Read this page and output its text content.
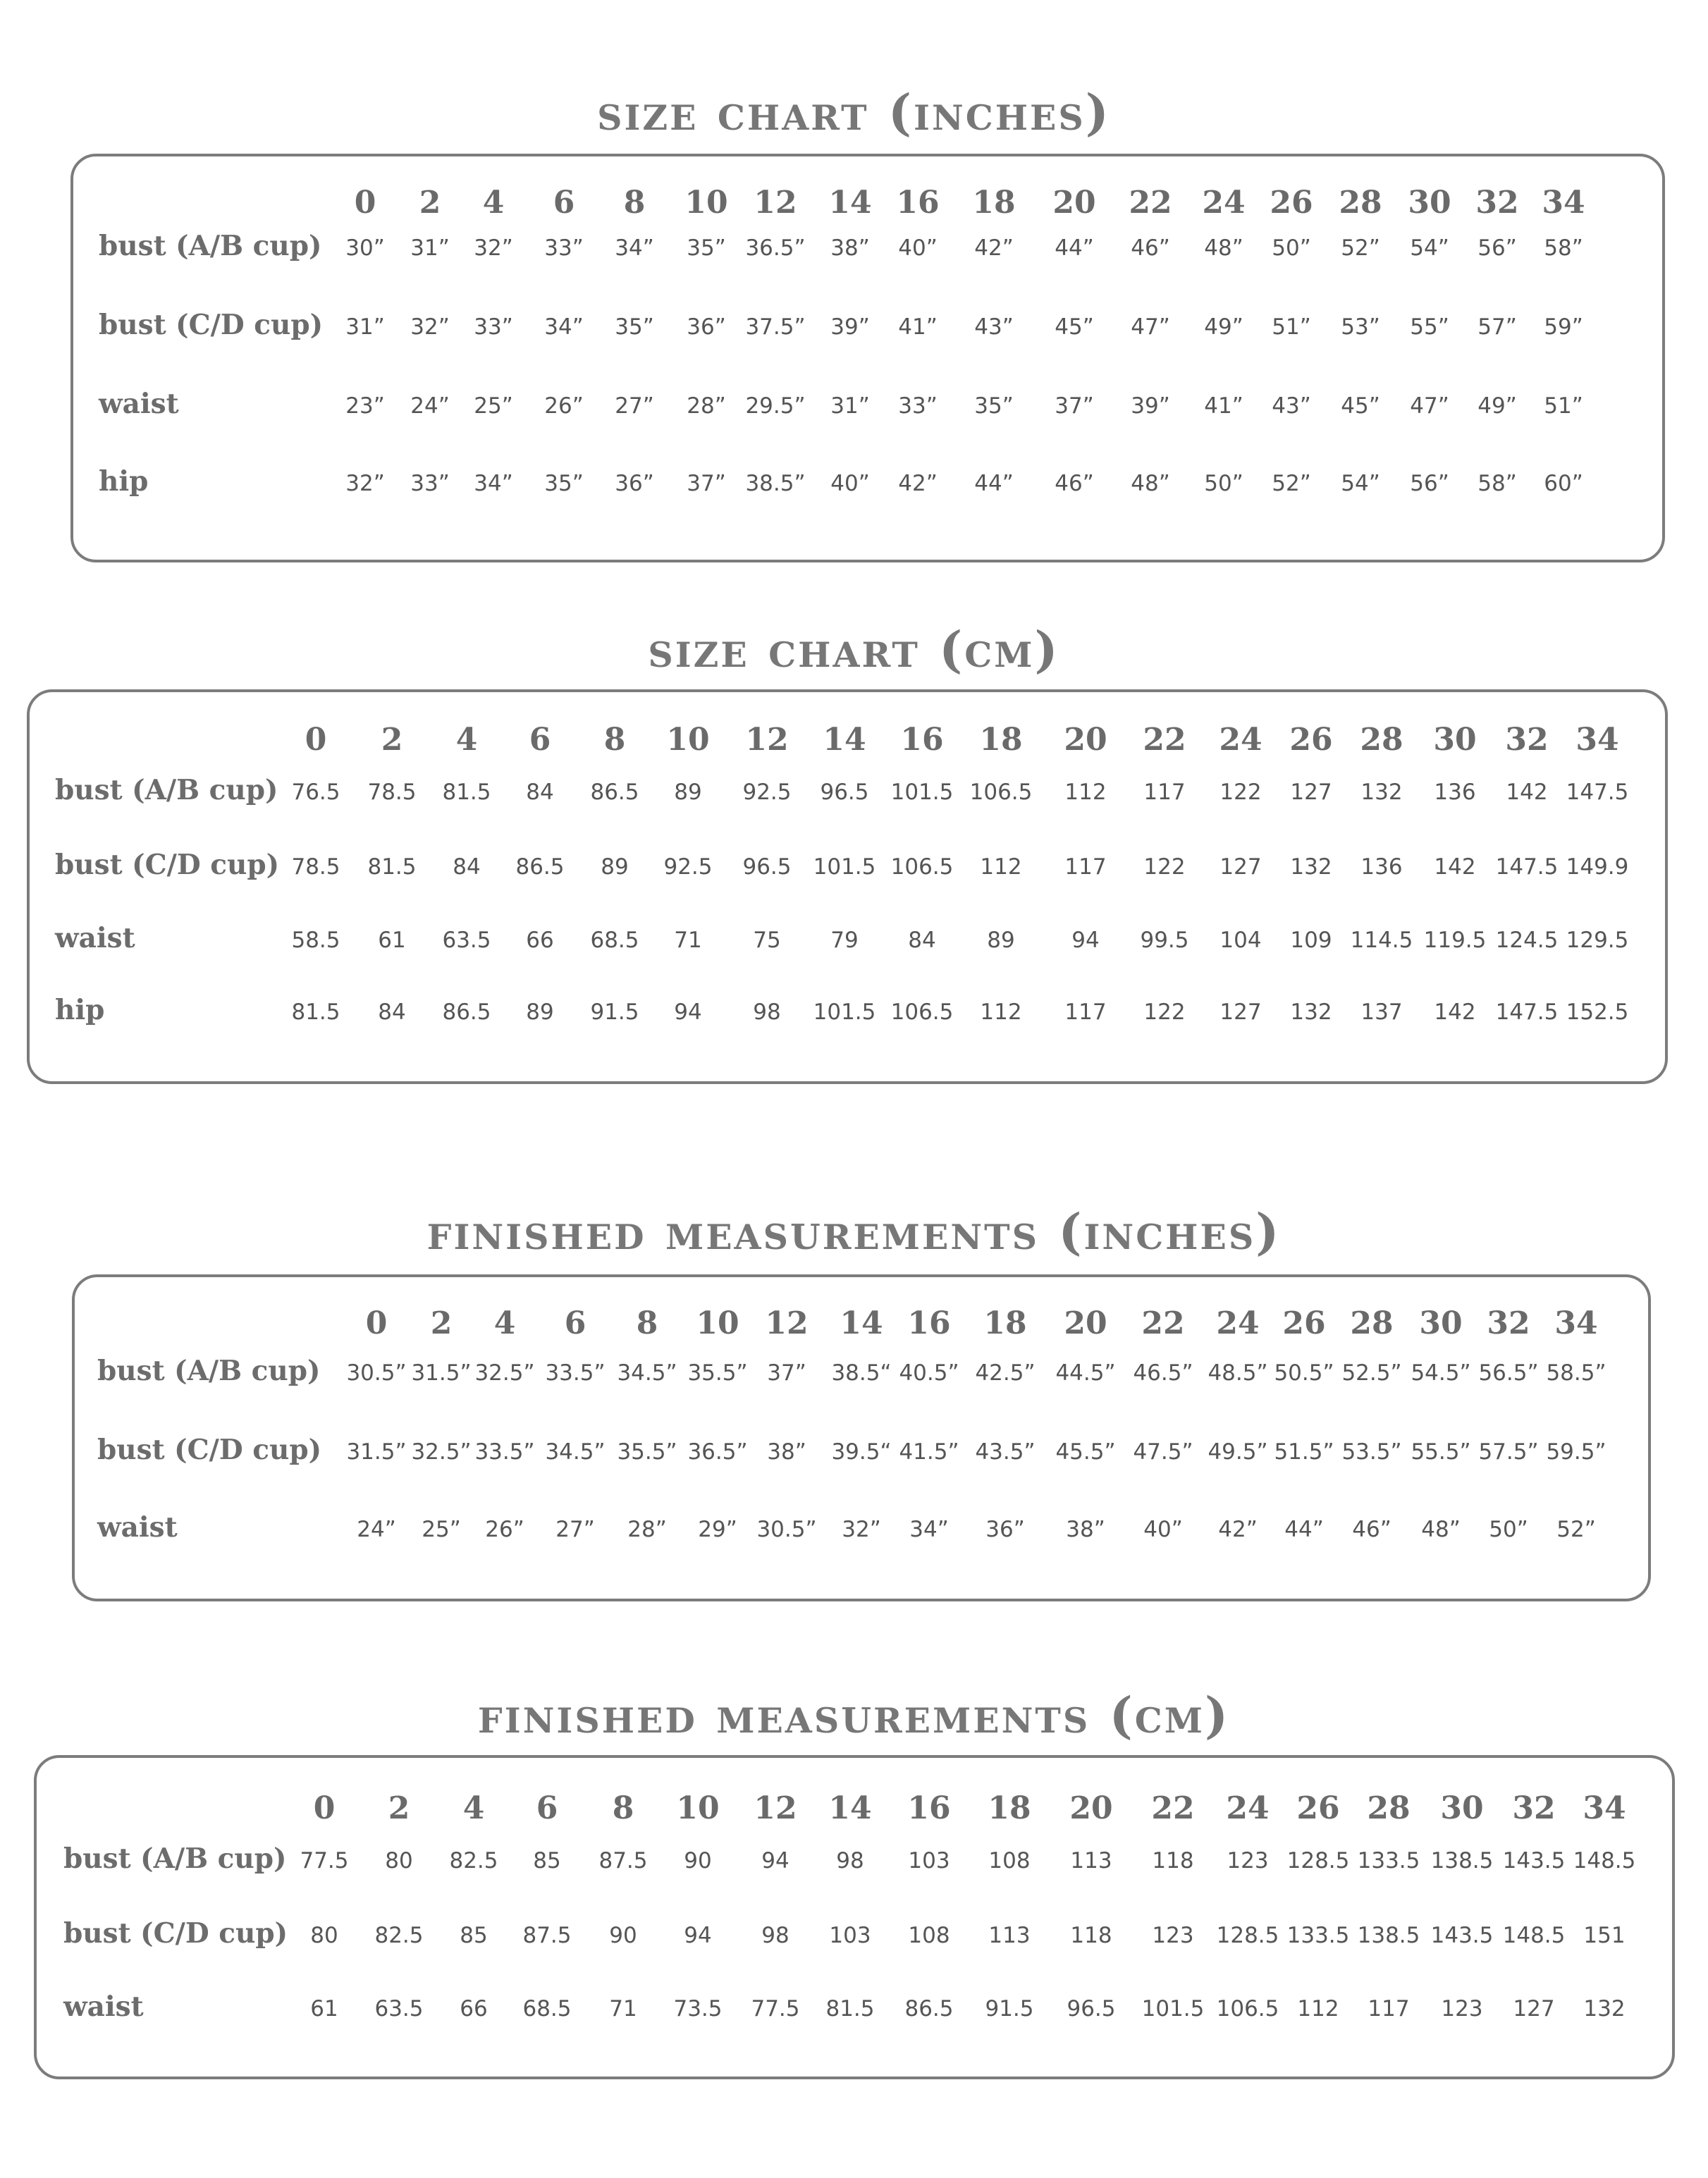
size chart (inches)
0 2 4 6 8 10 12 14 16 18 20 22 24 26 28 30 32 34
bust (A/B cup) 30” 31” 32” 33” 34” 35” 36.5” 38” 40” 42” 44” 46” 48” 50” 52” 54” 56” 58”
bust (C/D cup) 31” 32” 33” 34” 35” 36” 37.5” 39” 41” 43” 45” 47” 49” 51” 53” 55” 57” 59”
waist	23” 24” 25” 26” 27” 28” 29.5” 31” 33” 35” 37” 39” 41” 43” 45” 47” 49” 51”
hip	32” 33” 34” 35” 36” 37” 38.5” 40” 42” 44” 46” 48” 50” 52” 54” 56” 58” 60”
size chart (cm)
0 2 4 6 8 10 12 14 16 18 20 22 24 26 28 30 32 34
bust (A/B cup) 76.5 78.5 81.5 84 86.5 89 92.5 96.5 101.5 106.5 112 117 122 127 132 136 142 147.5
bust (C/D cup) 78.5 81.5 84 86.5 89 92.5 96.5 101.5 106.5 112 117 122 127 132 136 142 147.5 149.9
waist	58.5 61 63.5 66 68.5 71 75 79 84 89	94 99.5 104 109 114.5 119.5 124.5 129.5
hip	81.5 84 86.5 89 91.5 94 98 101.5 106.5 112 117 122 127 132 137 142 147.5 152.5
finished measurements (inches)
0 2 4 6 8 10 12 14 16 18 20 22 24 26 28 30 32 34
bust (A/B cup) 30.5” 31.5” 32.5” 33.5” 34.5” 35.5” 37” 38.5“ 40.5” 42.5” 44.5” 46.5” 48.5” 50.5” 52.5” 54.5” 56.5” 58.5”
bust (C/D cup) 31.5” 32.5” 33.5” 34.5” 35.5” 36.5” 38” 39.5“ 41.5” 43.5” 45.5” 47.5” 49.5” 51.5” 53.5” 55.5” 57.5” 59.5”
waist	24” 25” 26” 27” 28” 29” 30.5” 32” 34” 36” 38” 40” 42” 44” 46” 48” 50” 52”
finished measurements (cm)
0 2 4 6 8 10 12 14 16 18 20 22 24 26 28 30 32 34
bust (A/B cup) 77.5 80 82.5 85 87.5 90 94 98 103 108 113 118 123 128.5 133.5 138.5 143.5 148.5
bust (C/D cup) 80 82.5 85 87.5 90 94 98 103 108 113 118 123 128.5 133.5 138.5 143.5 148.5 151
waist	61 63.5 66 68.5 71 73.5 77.5 81.5 86.5 91.5 96.5 101.5 106.5 112 117 123 127 132
